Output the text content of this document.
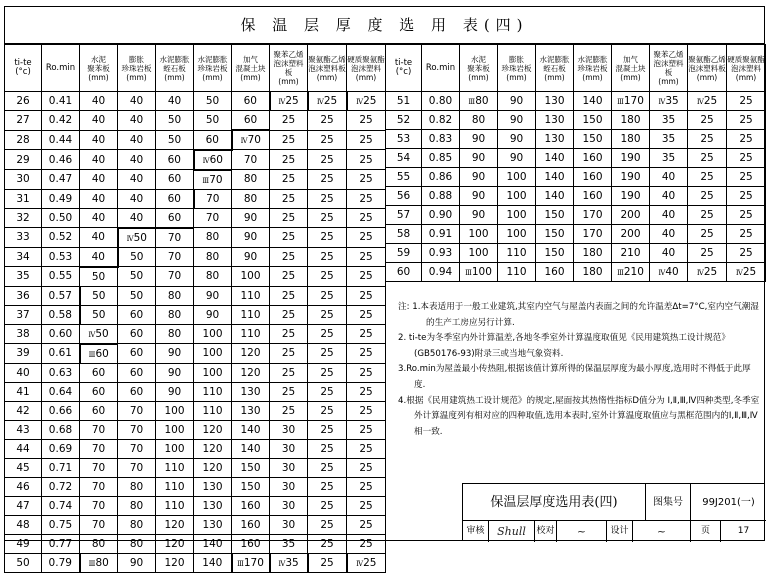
保 温 层 厚 度 选 用 表(四)
ti-te
(°c)	Ro.min	水泥
聚苯板
(mm)	膨胀
珍珠岩板
(mm)	水泥膨胀
蛭石板
(mm)	水泥膨胀
珍珠岩板
(mm)	加气
混凝土块
(mm)	聚苯乙烯
泡沫塑料板
(mm)	聚氨酯乙烯
泡沫塑料板
(mm)	硬质聚氨酯
泡沫塑料
(mm)
26	0.41	40	40	40	50	60	Ⅳ25	Ⅳ25	Ⅳ25
27	0.42	40	40	50	50	60	25	25	25
28	0.44	40	40	50	60	Ⅳ70	25	25	25
29	0.46	40	40	60	Ⅳ60	70	25	25	25
30	0.47	40	40	60	Ⅲ70	80	25	25	25
31	0.49	40	40	60	70	80	25	25	25
32	0.50	40	40	60	70	90	25	25	25
33	0.52	40	Ⅳ50	70	80	90	25	25	25
34	0.53	40	50	70	80	90	25	25	25
35	0.55	50	50	70	80	100	25	25	25
36	0.57	50	50	80	90	110	25	25	25
37	0.58	50	60	80	90	110	25	25	25
38	0.60	Ⅳ50	60	80	100	110	25	25	25
39	0.61	Ⅲ60	60	90	100	120	25	25	25
40	0.63	60	60	90	100	120	25	25	25
41	0.64	60	60	90	110	130	25	25	25
42	0.66	60	70	100	110	130	25	25	25
43	0.68	70	70	100	120	140	30	25	25
44	0.69	70	70	100	120	140	30	25	25
45	0.71	70	70	110	120	150	30	25	25
46	0.72	70	80	110	130	150	30	25	25
47	0.74	70	80	110	130	160	30	25	25
48	0.75	70	80	120	130	160	30	25	25
49	0.77	80	80	120	140	160	35	25	25
50	0.79	Ⅲ80	90	120	140	Ⅲ170	Ⅳ35	25	Ⅳ25
ti-te
(°c)	Ro.min	水泥
聚苯板
(mm)	膨胀
珍珠岩板
(mm)	水泥膨胀
蛭石板
(mm)	水泥膨胀
珍珠岩板
(mm)	加气
混凝土块
(mm)	聚苯乙烯
泡沫塑料板
(mm)	聚氨酯乙烯
泡沫塑料板
(mm)	硬质聚氨酯
泡沫塑料
(mm)
51	0.80	Ⅲ80	90	130	140	Ⅲ170	Ⅳ35	Ⅳ25	25
52	0.82	80	90	130	150	180	35	25	25
53	0.83	90	90	130	150	180	35	25	25
54	0.85	90	90	140	160	190	35	25	25
55	0.86	90	100	140	160	190	40	25	25
56	0.88	90	100	140	160	190	40	25	25
57	0.90	90	100	150	170	200	40	25	25
58	0.91	100	100	150	170	200	40	25	25
59	0.93	100	110	150	180	210	40	25	25
60	0.94	Ⅲ100	110	160	180	Ⅲ210	Ⅳ40	Ⅳ25	Ⅳ25

注: 1.本表适用于一般工业建筑,其室内空气与屋盖内表面之间的允许温差Δt=7°C,室内空气潮湿的生产工房应另行计算.

2. ti-te为冬季室内外计算温差,各地冬季室外计算温度取值见《民用建筑热工设计规范》(GB50176-93)附录三或当地气象资料.

3.Ro.min为屋盖最小传热阻,根据该值计算所得的保温层厚度为最小厚度,选用时不得低于此厚度.

4.根据《民用建筑热工设计规范》的规定,屋面按其热惰性指标D值分为 Ⅰ,Ⅱ,Ⅲ,Ⅳ四种类型,冬季室外计算温度列有相对应的四种取值,选用本表时,室外计算温度取值应与黑框范围内的Ⅰ,Ⅱ,Ⅲ,Ⅳ相一致.

保温层厚度选用表(四)	图集号	99J201(一)
审核	Shull	校对	~	设计	~	页	17
